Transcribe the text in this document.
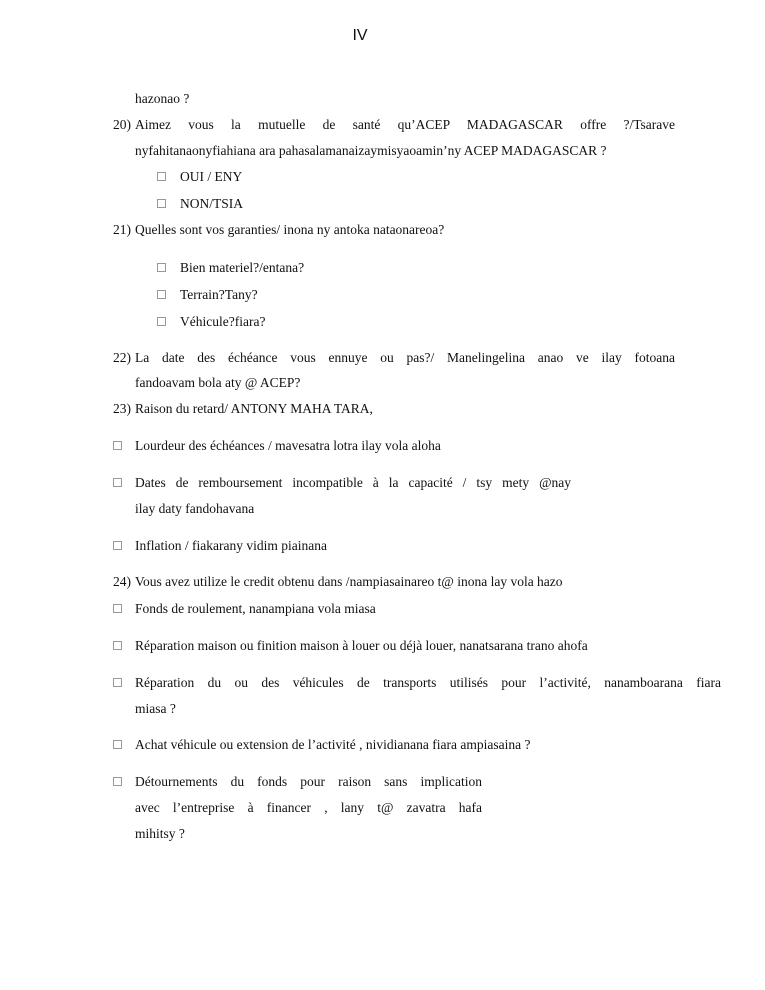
IV
hazonao ?
20) Aimez vous la mutuelle de santé qu’ACEP MADAGASCAR offre ?/Tsarave
nyfahitanaonyfiahiana ara pahasalamanaizaymisyaoamin’ny ACEP MADAGASCAR ?
OUI / ENY
NON/TSIA
21) Quelles sont vos garanties/ inona ny antoka nataonareoa?
Bien materiel?/entana?
Terrain?Tany?
Véhicule?fiara?
22) La date des échéance vous ennuye ou pas?/ Manelingelina anao ve ilay fotoana
fandoavam bola aty @ ACEP?
23) Raison du retard/ ANTONY MAHA TARA,
Lourdeur des échéances / mavesatra lotra ilay vola aloha
Dates de remboursement incompatible à la capacité / tsy mety @nay
ilay daty fandohavana
Inflation / fiakarany vidim piainana
24) Vous avez utilize le credit obtenu dans /nampiasainareo t@ inona lay vola hazo
Fonds de roulement, nanampiana vola miasa
Réparation maison ou finition maison à louer ou déjà louer, nanatsarana trano ahofa
Réparation du ou des véhicules de transports utilisés pour l’activité, nanamboarana fiara
miasa ?
Achat véhicule ou extension de l’activité , nividianana fiara ampiasaina ?
Détournements du fonds pour raison sans implication
avec l’entreprise à financer , lany t@ zavatra hafa
mihitsy ?
